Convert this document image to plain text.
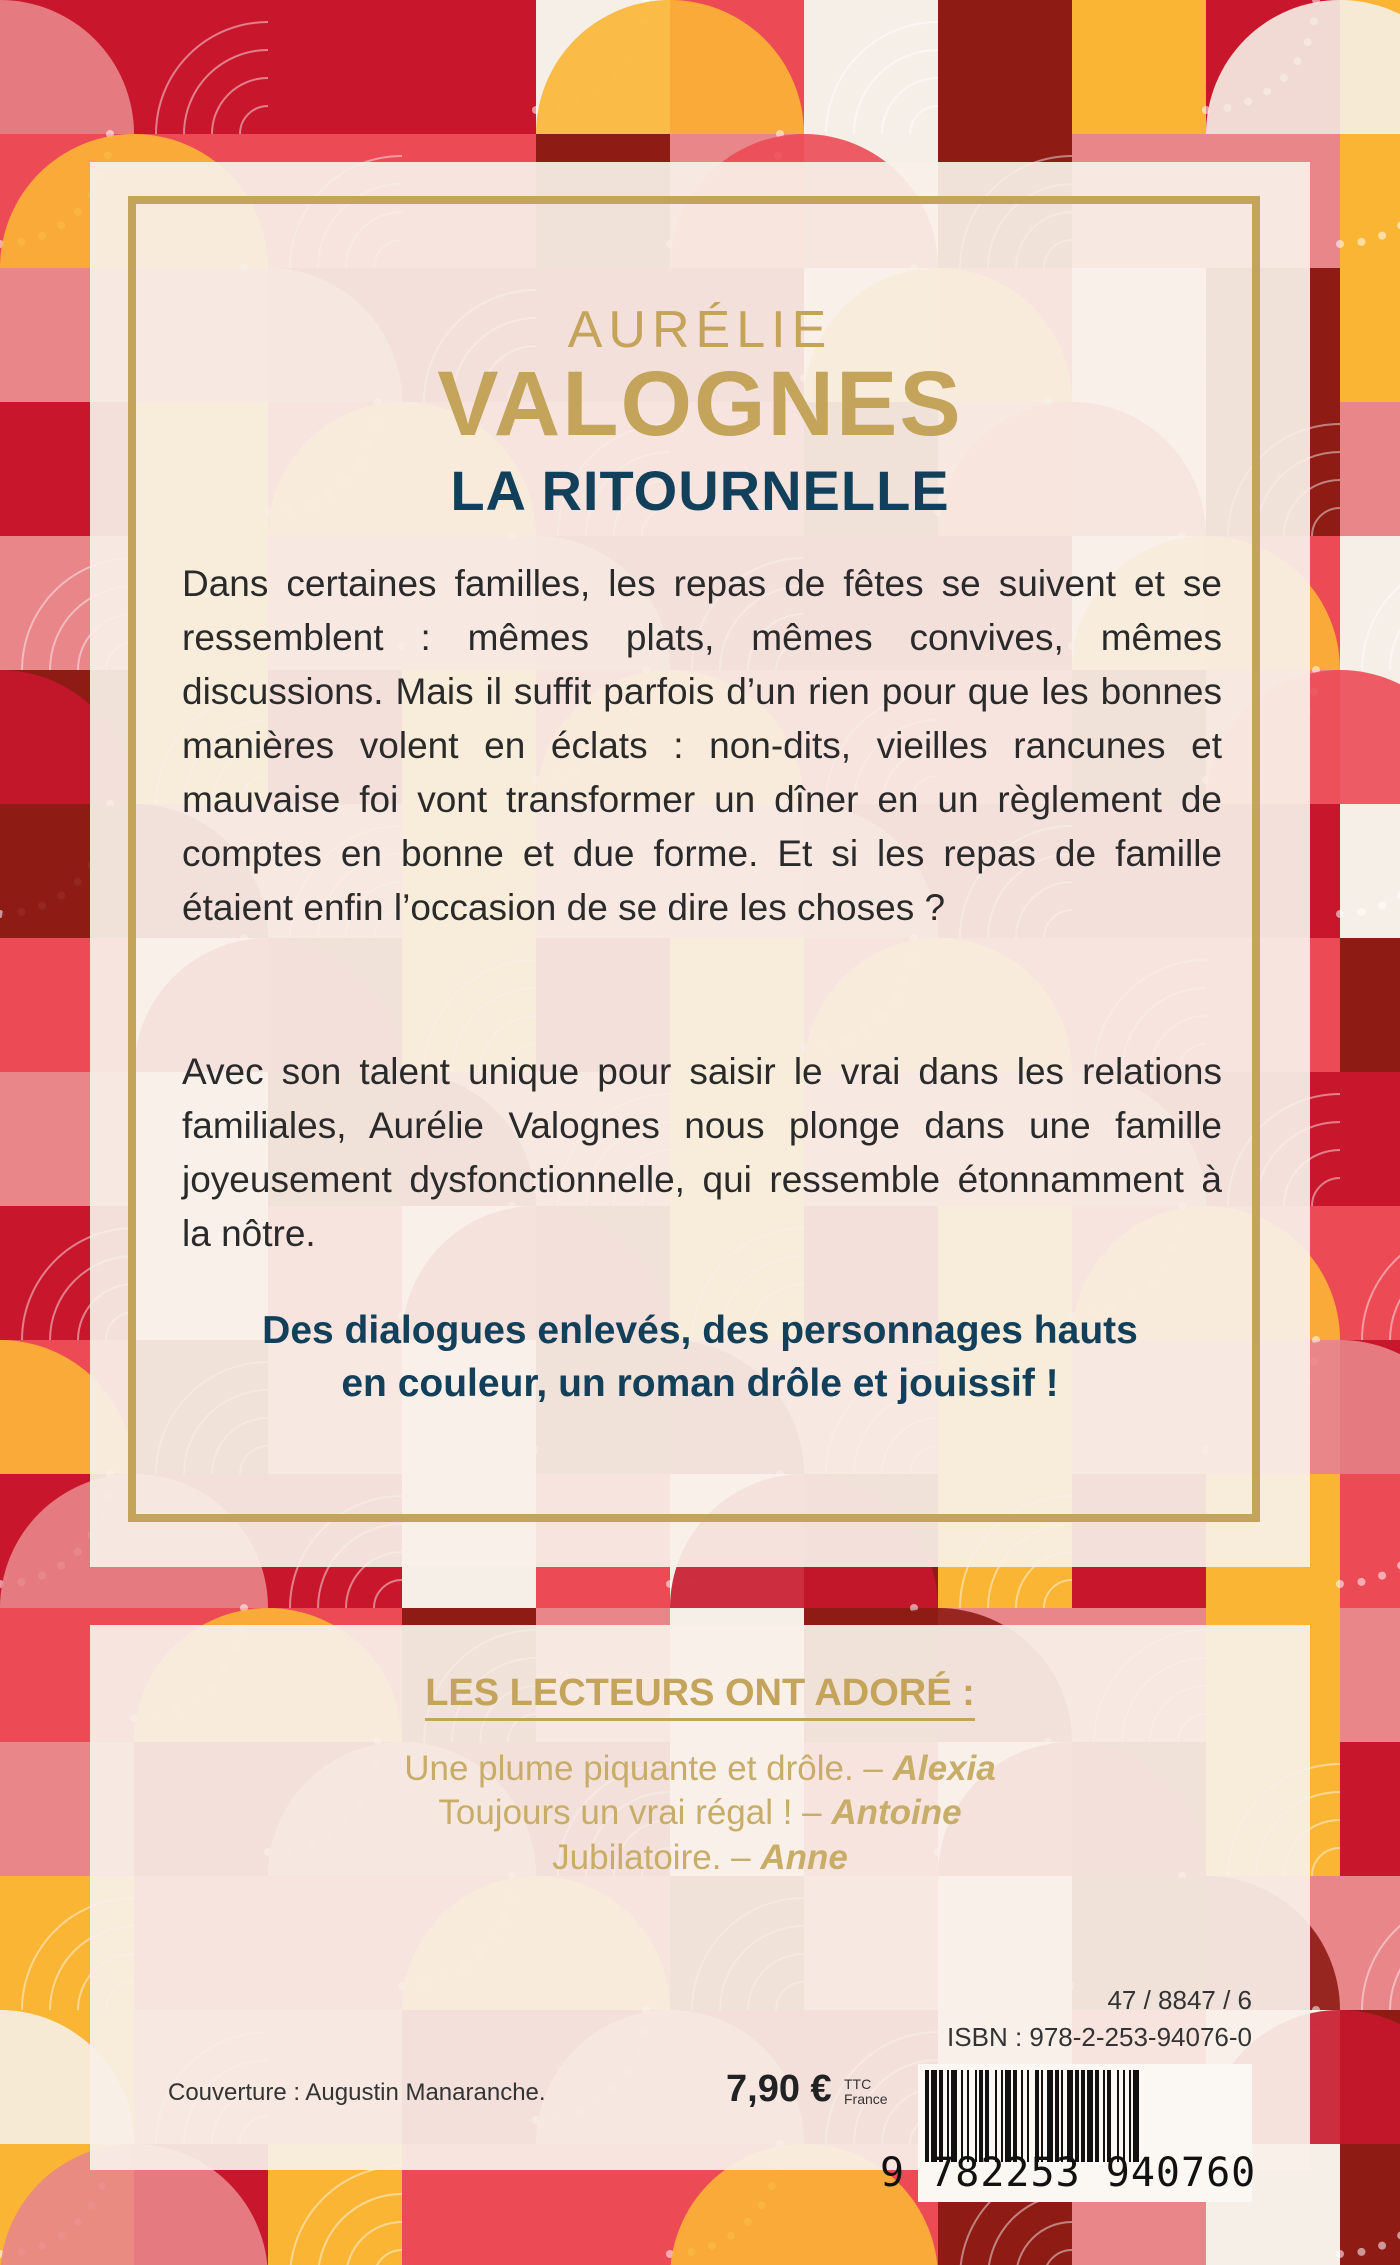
AURÉLIE
VALOGNES
LA RITOURNELLE

Dans certaines familles, les repas de fêtes se suivent et se ressemblent : mêmes plats, mêmes convives, mêmes discussions. Mais il suffit parfois d’un rien pour que les bonnes manières volent en éclats : non-dits, vieilles rancunes et mauvaise foi vont transformer un dîner en un règlement de comptes en bonne et due forme. Et si les repas de famille étaient enfin l’occasion de se dire les choses ?

Avec son talent unique pour saisir le vrai dans les relations familiales, Aurélie Valognes nous plonge dans une famille joyeusement dysfonctionnelle, qui ressemble étonnamment à la nôtre.

Des dialogues enlevés, des personnages hauts
en couleur, un roman drôle et jouissif !
LES LECTEURS ONT ADORÉ :
Une plume piquante et drôle. – Alexia
Toujours un vrai régal ! – Antoine
Jubilatoire. – Anne
47 / 8847 / 6
ISBN : 978-2-253-94076-0
Couverture : Augustin Manaranche.	7,90 € TTC
France
9 782253 940760
